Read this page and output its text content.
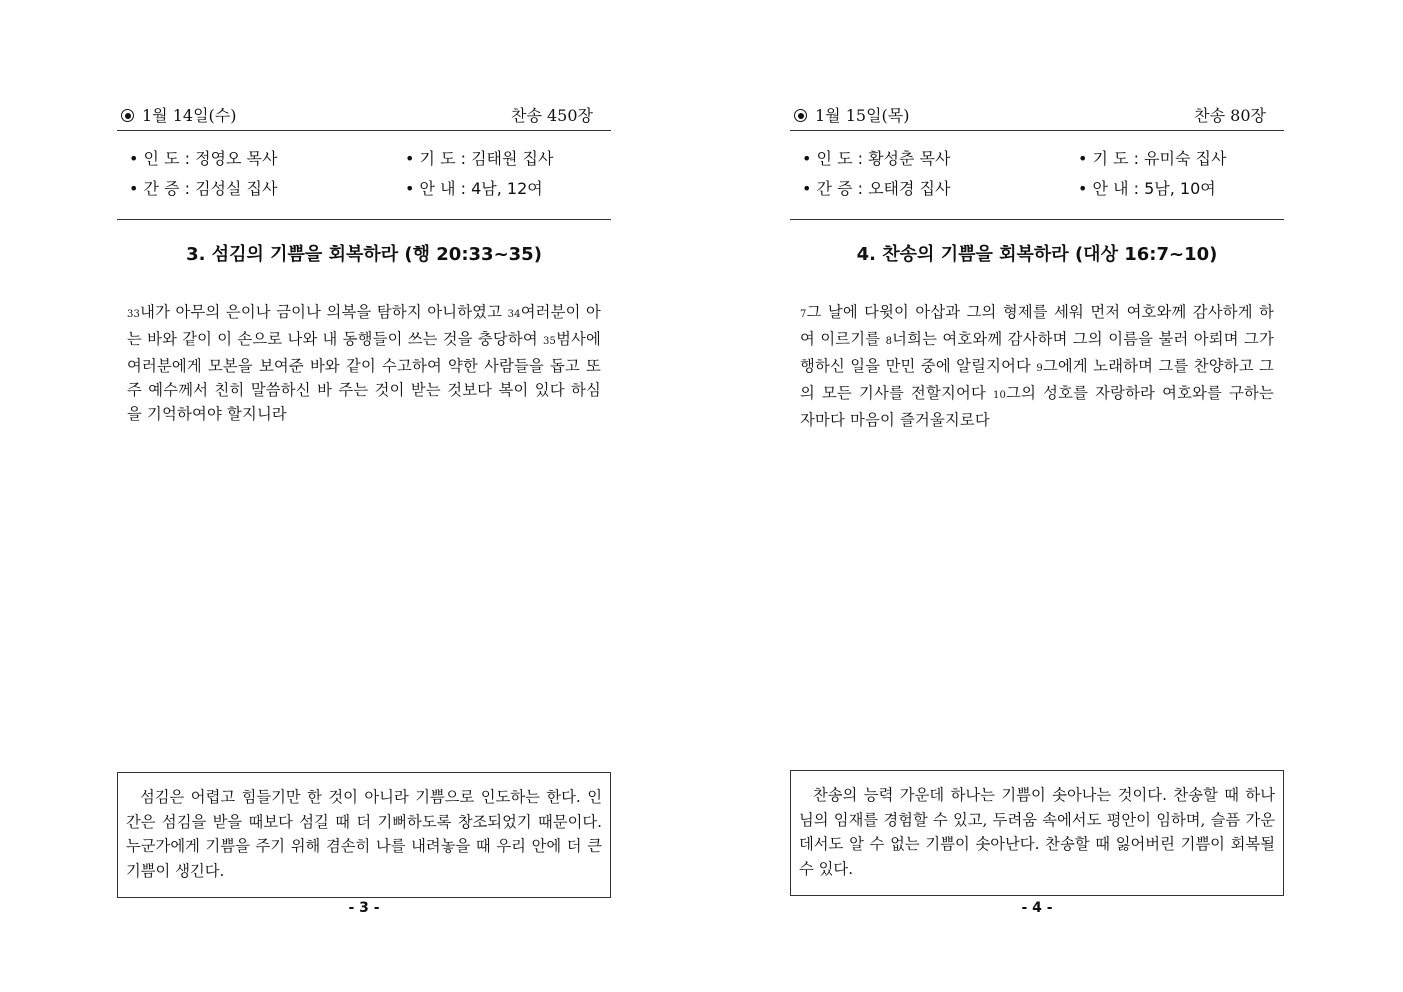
1월 14일(수)	찬송 450장
• 인 도 : 정영오 목사	• 기 도 : 김태원 집사
• 간 증 : 김성실 집사	• 안 내 : 4남, 12여
3. 섬김의 기쁨을 회복하라 (행 20:33~35)
33내가 아무의 은이나 금이나 의복을 탐하지 아니하였고 34여러분이 아는 바와 같이 이 손으로 나와 내 동행들이 쓰는 것을 충당하여 35범사에 여러분에게 모본을 보여준 바와 같이 수고하여 약한 사람들을 돕고 또 주 예수께서 친히 말씀하신 바 주는 것이 받는 것보다 복이 있다 하심을 기억하여야 할지니라
섬김은 어렵고 힘들기만 한 것이 아니라 기쁨으로 인도하는 한다. 인간은 섬김을 받을 때보다 섬길 때 더 기뻐하도록 창조되었기 때문이다. 누군가에게 기쁨을 주기 위해 겸손히 나를 내려놓을 때 우리 안에 더 큰 기쁨이 생긴다.
- 3 -
1월 15일(목)	찬송 80장
• 인 도 : 황성춘 목사	• 기 도 : 유미숙 집사
• 간 증 : 오태경 집사	• 안 내 : 5남, 10여
4. 찬송의 기쁨을 회복하라 (대상 16:7~10)
7그 날에 다윗이 아삽과 그의 형제를 세워 먼저 여호와께 감사하게 하여 이르기를 8너희는 여호와께 감사하며 그의 이름을 불러 아뢰며 그가 행하신 일을 만민 중에 알릴지어다 9그에게 노래하며 그를 찬양하고 그의 모든 기사를 전할지어다 10그의 성호를 자랑하라 여호와를 구하는 자마다 마음이 즐거울지로다
찬송의 능력 가운데 하나는 기쁨이 솟아나는 것이다. 찬송할 때 하나님의 임재를 경험할 수 있고, 두려움 속에서도 평안이 임하며, 슬픔 가운데서도 알 수 없는 기쁨이 솟아난다. 찬송할 때 잃어버린 기쁨이 회복될 수 있다.
- 4 -
